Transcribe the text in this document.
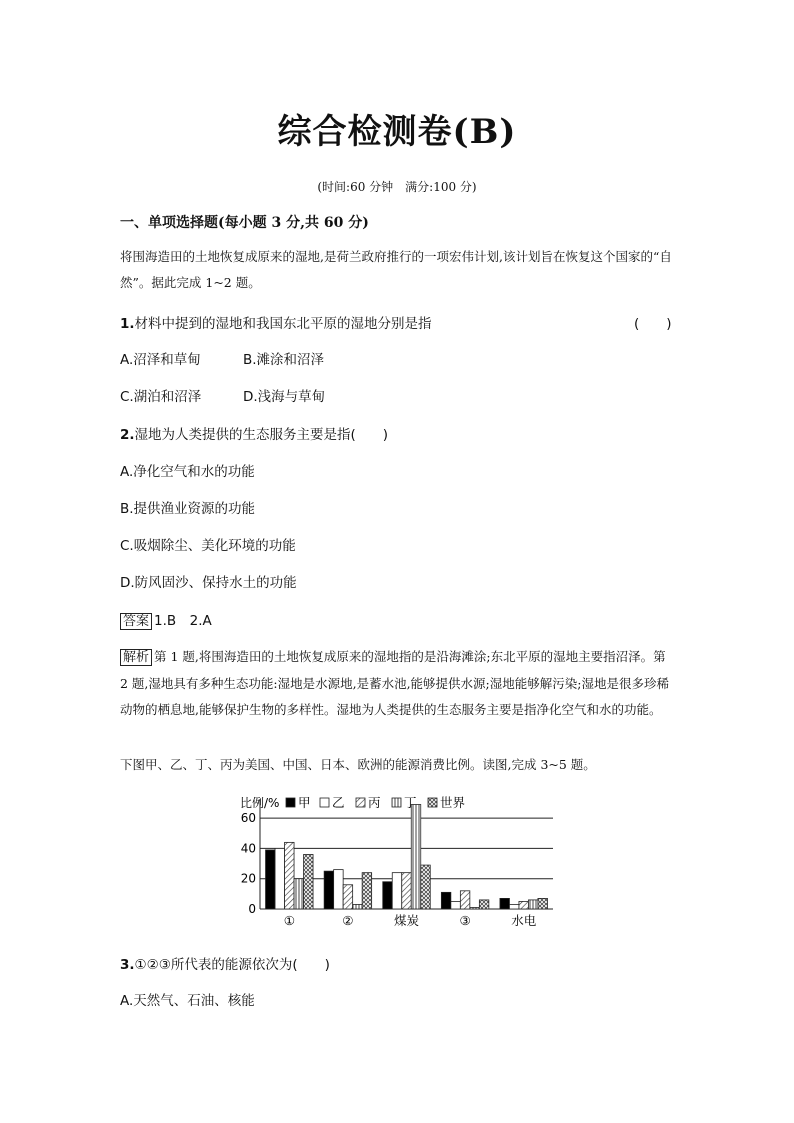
综合检测卷(B)
(时间:60 分钟　满分:100 分)
一、单项选择题(每小题 3 分,共 60 分)
将围海造田的土地恢复成原来的湿地,是荷兰政府推行的一项宏伟计划,该计划旨在恢复这个国家的“自然”。据此完成 1~2 题。
1.材料中提到的湿地和我国东北平原的湿地分别是指	(　　)
A.沼泽和草甸	B.滩涂和沼泽
C.湖泊和沼泽	D.浅海与草甸
2.湿地为人类提供的生态服务主要是指(　　)
A.净化空气和水的功能
B.提供渔业资源的功能
C.吸烟除尘、美化环境的功能
D.防风固沙、保持水土的功能
答案 1.B　2.A
解析 第 1 题,将围海造田的土地恢复成原来的湿地指的是沿海滩涂;东北平原的湿地主要指沼泽。第 2 题,湿地具有多种生态功能:湿地是水源地,是蓄水池,能够提供水源;湿地能够解污染;湿地是很多珍稀动物的栖息地,能够保护生物的多样性。湿地为人类提供的生态服务主要是指净化空气和水的功能。
下图甲、乙、丁、丙为美国、中国、日本、欧洲的能源消费比例。读图,完成 3~5 题。
0
20
40
60
①	②	煤炭	③	水电
比例/% 甲 乙 丙 丁 世界
3.①②③所代表的能源依次为(　　)
A.天然气、石油、核能
